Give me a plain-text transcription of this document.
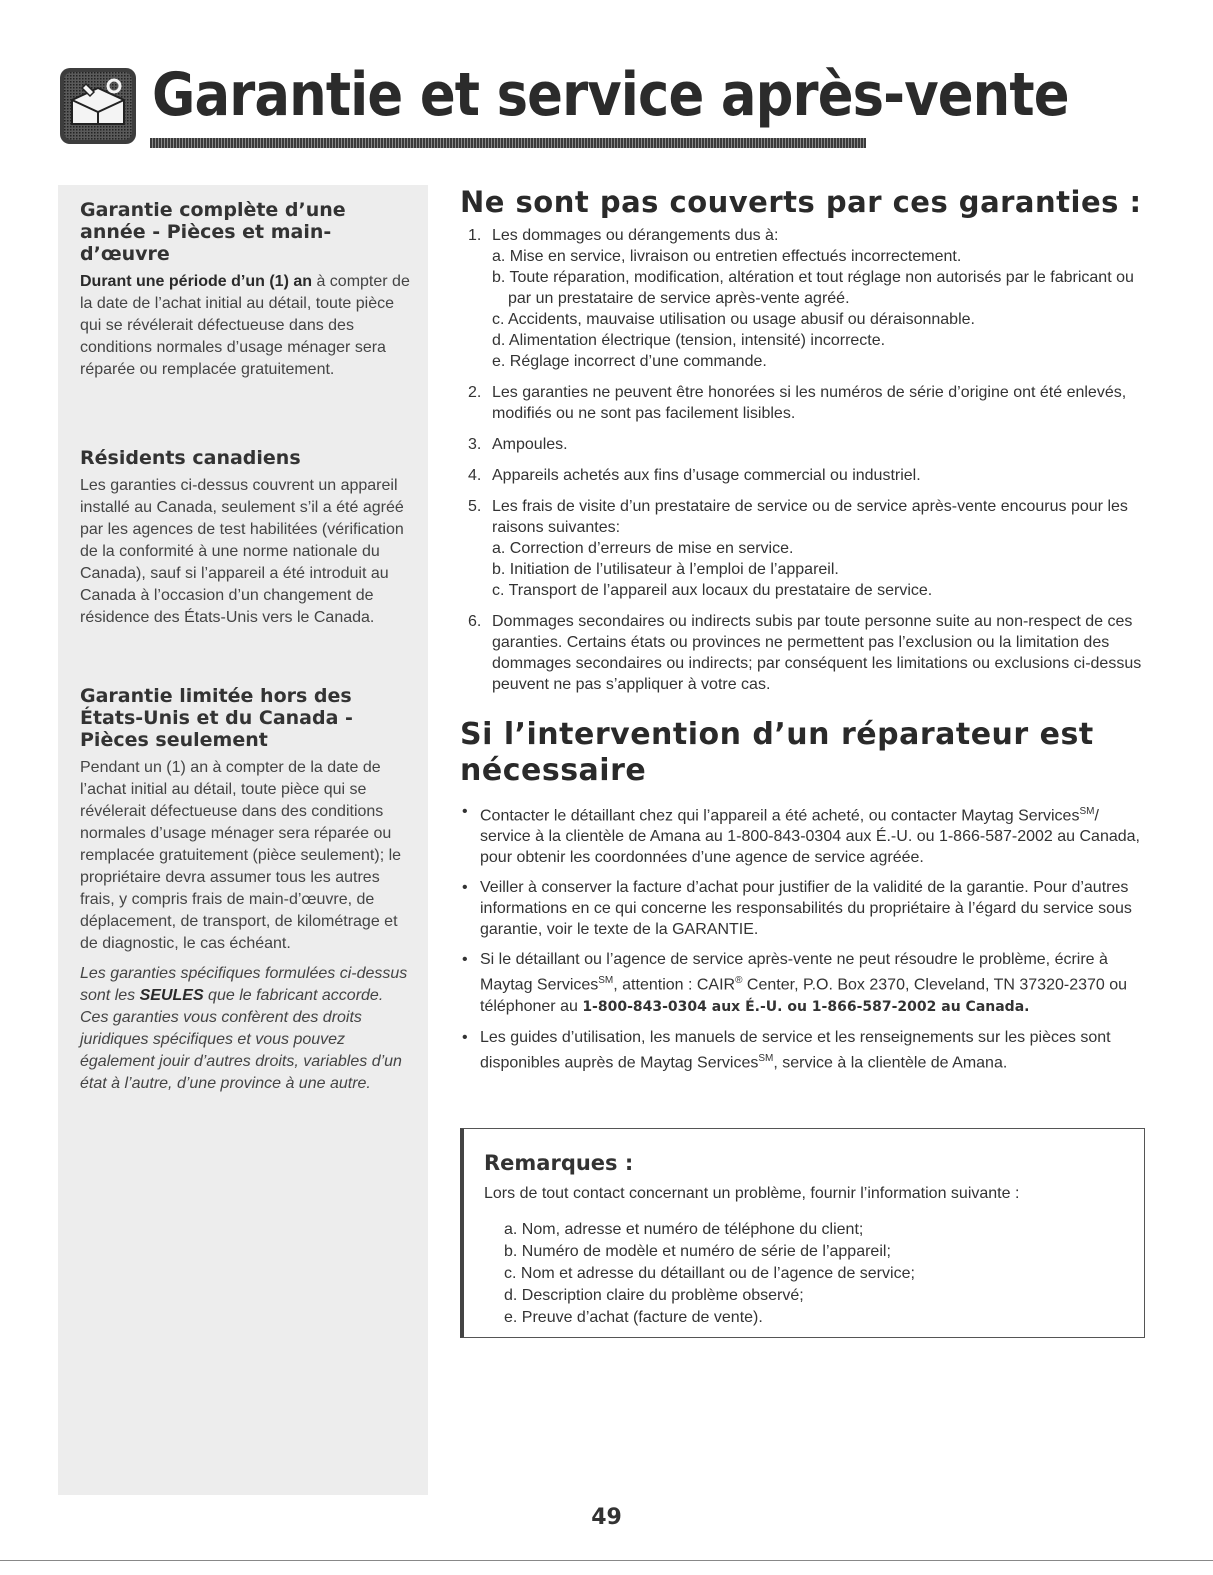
Garantie et service après-vente
Garantie complète d’une année - Pièces et main-d’œuvre
Durant une période d’un (1) an à compter de la date de l’achat initial au détail, toute pièce qui se révélerait défectueuse dans des conditions normales d’usage ménager sera réparée ou remplacée gratuitement.
Résidents canadiens
Les garanties ci-dessus couvrent un appareil installé au Canada, seulement s’il a été agréé par les agences de test habilitées (vérification de la conformité à une norme nationale du Canada), sauf si l’appareil a été introduit au Canada à l’occasion d’un changement de résidence des États-Unis vers le Canada.
Garantie limitée hors des États-Unis et du Canada - Pièces seulement
Pendant un (1) an à compter de la date de l’achat initial au détail, toute pièce qui se révélerait défectueuse dans des conditions normales d’usage ménager sera réparée ou remplacée gratuitement (pièce seulement); le propriétaire devra assumer tous les autres frais, y compris frais de main-d’œuvre, de déplacement, de transport, de kilométrage et de diagnostic, le cas échéant.
Les garanties spécifiques formulées ci-dessus sont les SEULES que le fabricant accorde. Ces garanties vous confèrent des droits juridiques spécifiques et vous pouvez également jouir d’autres droits, variables d’un état à l’autre, d’une province à une autre.
Ne sont pas couverts par ces garanties :
1. Les dommages ou dérangements dus à:
a. Mise en service, livraison ou entretien effectués incorrectement.
b. Toute réparation, modification, altération et tout réglage non autorisés par le fabricant ou par un prestataire de service après-vente agréé.
c. Accidents, mauvaise utilisation ou usage abusif ou déraisonnable.
d. Alimentation électrique (tension, intensité) incorrecte.
e. Réglage incorrect d’une commande.
2. Les garanties ne peuvent être honorées si les numéros de série d’origine ont été enlevés, modifiés ou ne sont pas facilement lisibles.
3. Ampoules.
4. Appareils achetés aux fins d’usage commercial ou industriel.
5. Les frais de visite d’un prestataire de service ou de service après-vente encourus pour les raisons suivantes:
a. Correction d’erreurs de mise en service.
b. Initiation de l’utilisateur à l’emploi de l’appareil.
c. Transport de l’appareil aux locaux du prestataire de service.
6. Dommages secondaires ou indirects subis par toute personne suite au non-respect de ces garanties. Certains états ou provinces ne permettent pas l’exclusion ou la limitation des dommages secondaires ou indirects; par conséquent les limitations ou exclusions ci-dessus peuvent ne pas s’appliquer à votre cas.
Si l’intervention d’un réparateur est nécessaire
• Contacter le détaillant chez qui l’appareil a été acheté, ou contacter Maytag Services℠/ service à la clientèle de Amana au 1-800-843-0304 aux É.-U. ou 1-866-587-2002 au Canada, pour obtenir les coordonnées d’une agence de service agréée.
• Veiller à conserver la facture d’achat pour justifier de la validité de la garantie. Pour d’autres informations en ce qui concerne les responsabilités du propriétaire à l’égard du service sous garantie, voir le texte de la GARANTIE.
• Si le détaillant ou l’agence de service après-vente ne peut résoudre le problème, écrire à Maytag Services℠, attention : CAIR® Center, P.O. Box 2370, Cleveland, TN 37320-2370 ou téléphoner au 1-800-843-0304 aux É.-U. ou 1-866-587-2002 au Canada.
• Les guides d’utilisation, les manuels de service et les renseignements sur les pièces sont disponibles auprès de Maytag Services℠, service à la clientèle de Amana.
Remarques :
Lors de tout contact concernant un problème, fournir l’information suivante :
a. Nom, adresse et numéro de téléphone du client;
b. Numéro de modèle et numéro de série de l’appareil;
c. Nom et adresse du détaillant ou de l’agence de service;
d. Description claire du problème observé;
e. Preuve d’achat (facture de vente).
49
